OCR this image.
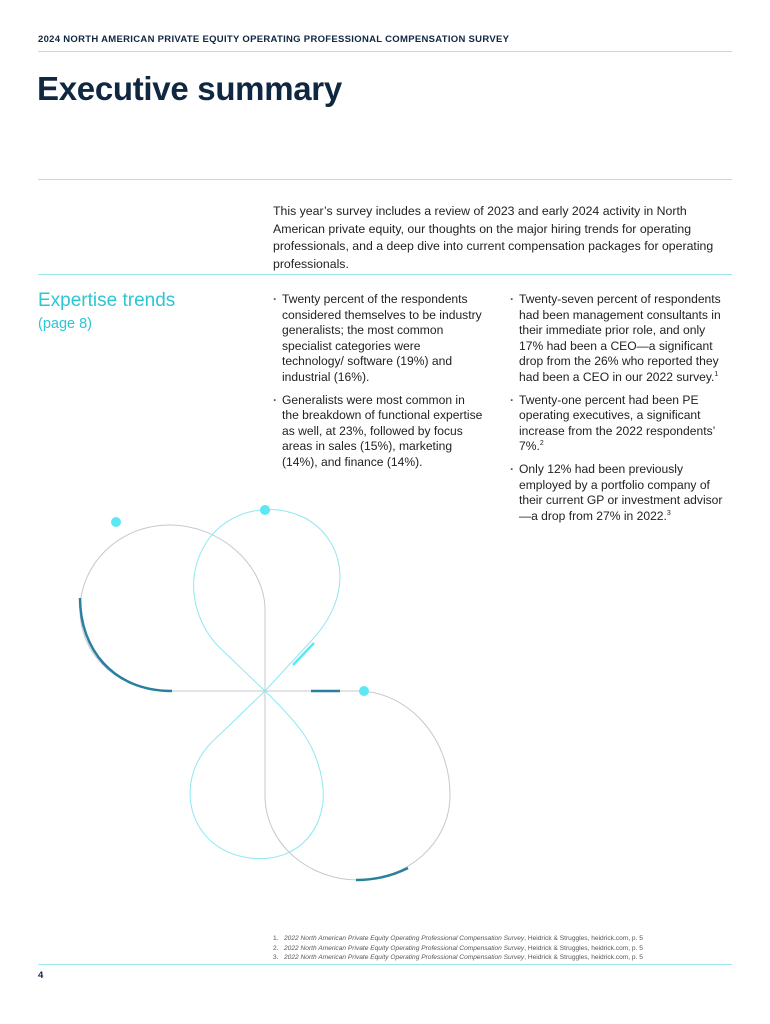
2024 NORTH AMERICAN PRIVATE EQUITY OPERATING PROFESSIONAL COMPENSATION SURVEY
Executive summary

This year’s survey includes a review of 2023 and early 2024 activity in North American private equity, our thoughts on the major hiring trends for operating professionals, and a deep dive into current compensation packages for operating professionals.

Expertise trends
(page 8)
· Twenty percent of the respondents considered themselves to be industry generalists; the most common specialist categories were technology/ software (19%) and industrial (16%).
· Generalists were most common in the breakdown of functional expertise as well, at 23%, followed by focus areas in sales (15%), marketing (14%), and finance (14%).
· Twenty-seven percent of respondents had been management consultants in their immediate prior role, and only 17% had been a CEO—a significant drop from the 26% who reported they had been a CEO in our 2022 survey.$^1$
· Twenty-one percent had been PE operating executives, a significant increase from the 2022 respondents’ 7%.$^2$
· Only 12% had been previously employed by a portfolio company of their current GP or investment advisor—a drop from 27% in 2022.$^3$
1. 2022 North American Private Equity Operating Professional Compensation Survey, Heidrick & Struggles, heidrick.com, p. 5
2. 2022 North American Private Equity Operating Professional Compensation Survey, Heidrick & Struggles, heidrick.com, p. 5
3. 2022 North American Private Equity Operating Professional Compensation Survey, Heidrick & Struggles, heidrick.com, p. 5
4
